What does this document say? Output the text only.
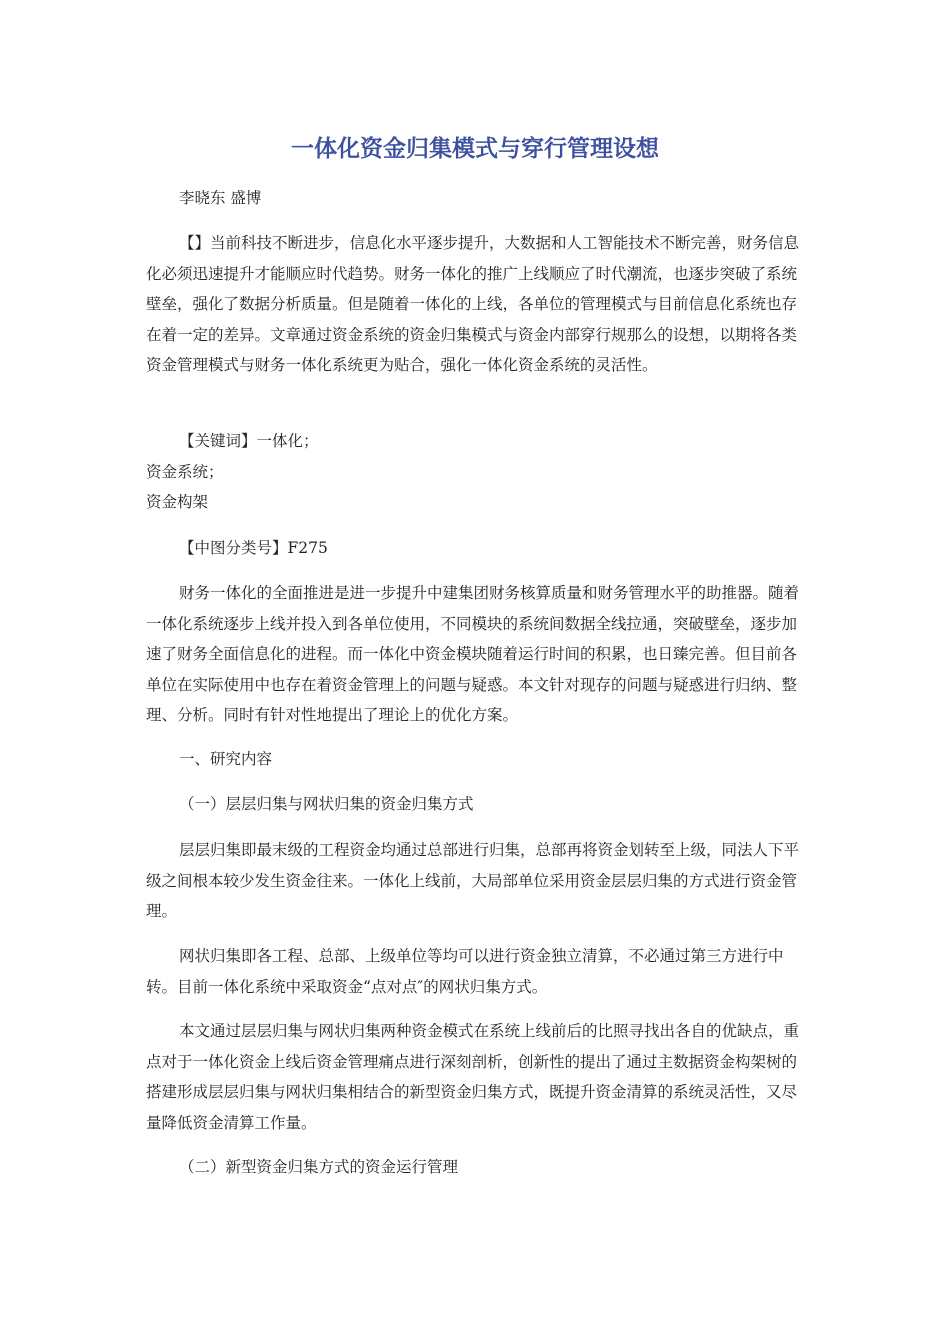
一体化资金归集模式与穿行管理设想

李晓东 盛博

【】当前科技不断进步，信息化水平逐步提升，大数据和人工智能技术不断完善，财务信息化必须迅速提升才能顺应时代趋势。财务一体化的推广上线顺应了时代潮流，也逐步突破了系统壁垒，强化了数据分析质量。但是随着一体化的上线，各单位的管理模式与目前信息化系统也存在着一定的差异。文章通过资金系统的资金归集模式与资金内部穿行规那么的设想，以期将各类资金管理模式与财务一体化系统更为贴合，强化一体化资金系统的灵活性。

【关键词】一体化；
资金系统；
资金构架

【中图分类号】F275

财务一体化的全面推进是进一步提升中建集团财务核算质量和财务管理水平的助推器。随着一体化系统逐步上线并投入到各单位使用，不同模块的系统间数据全线拉通，突破壁垒，逐步加速了财务全面信息化的进程。而一体化中资金模块随着运行时间的积累，也日臻完善。但目前各单位在实际使用中也存在着资金管理上的问题与疑惑。本文针对现存的问题与疑惑进行归纳、整理、分析。同时有针对性地提出了理论上的优化方案。

一、研究内容

（一）层层归集与网状归集的资金归集方式

层层归集即最末级的工程资金均通过总部进行归集，总部再将资金划转至上级，同法人下平级之间根本较少发生资金往来。一体化上线前，大局部单位采用资金层层归集的方式进行资金管理。

网状归集即各工程、总部、上级单位等均可以进行资金独立清算，不必通过第三方进行中转。目前一体化系统中采取资金“点对点″的网状归集方式。

本文通过层层归集与网状归集两种资金模式在系统上线前后的比照寻找出各自的优缺点，重点对于一体化资金上线后资金管理痛点进行深刻剖析，创新性的提出了通过主数据资金构架树的搭建形成层层归集与网状归集相结合的新型资金归集方式，既提升资金清算的系统灵活性，又尽量降低资金清算工作量。

（二）新型资金归集方式的资金运行管理
